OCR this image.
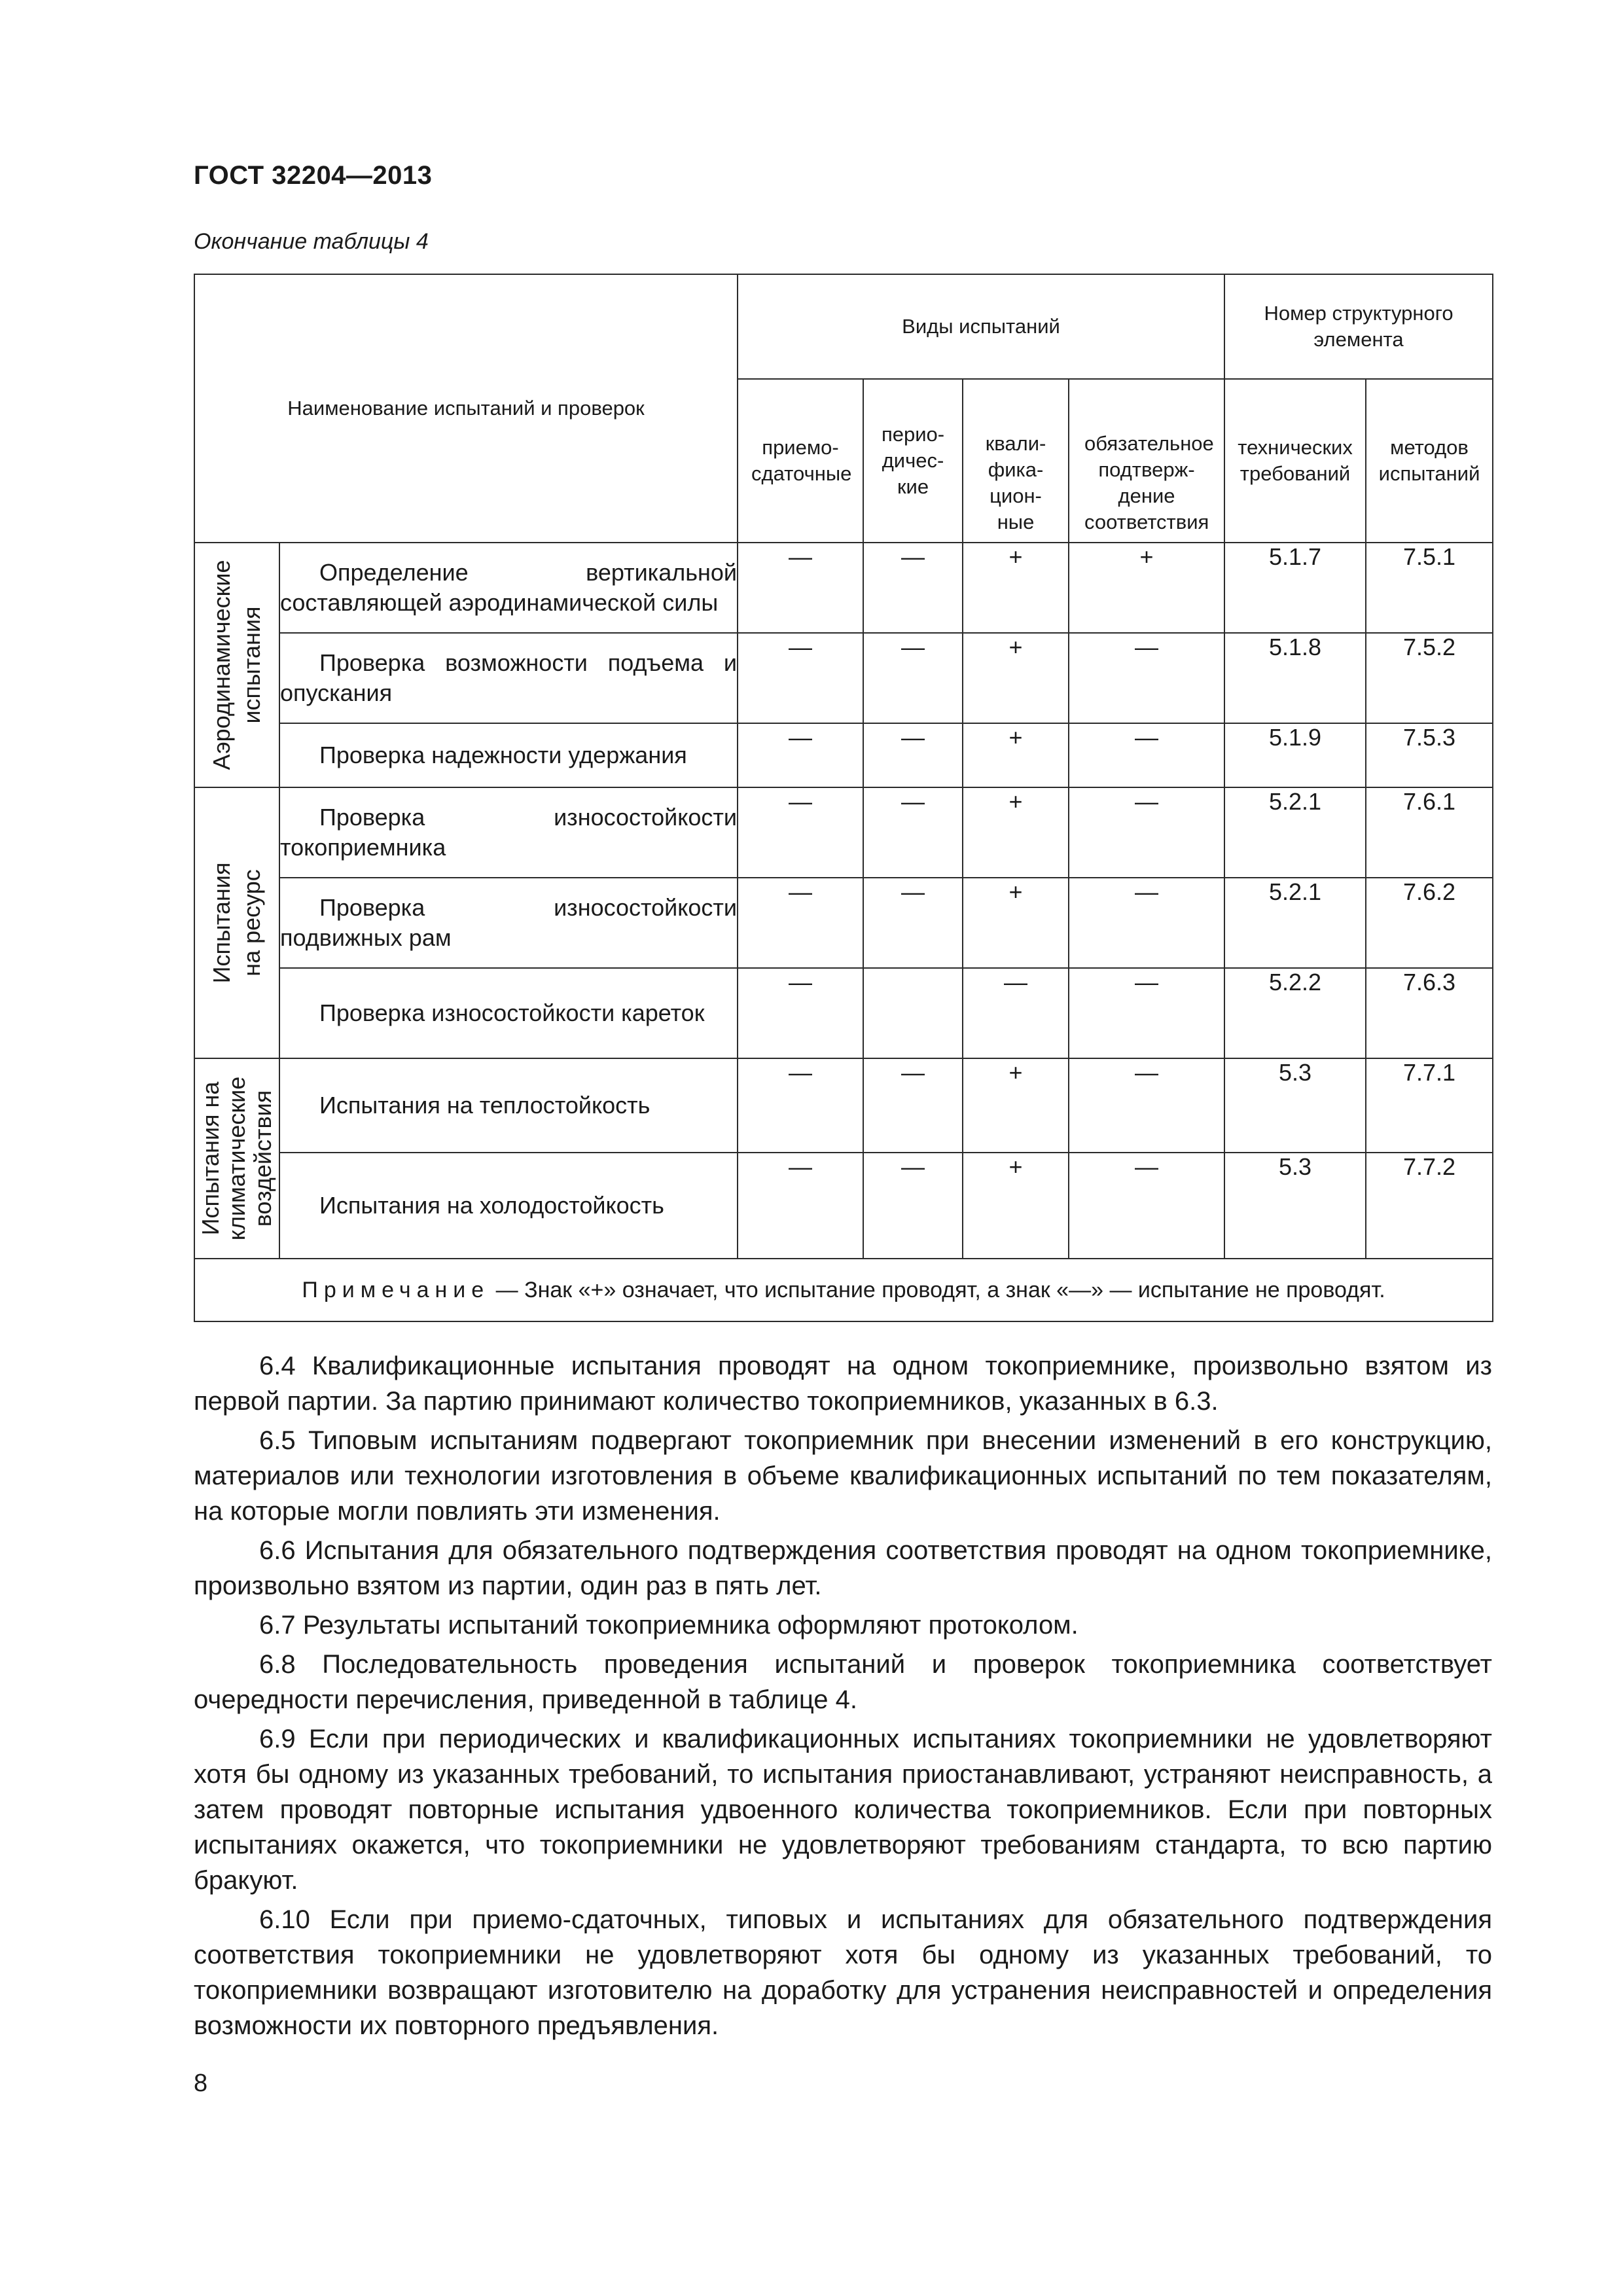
ГОСТ 32204—2013
Окончание таблицы 4
Наименование испытаний и проверок		Виды испытаний				Номер структурного элемента	
		приемо-сдаточные	перио-дичес-кие	квали-фика-цион-ные	обязательное подтверж-дение соответствия	технических требований	методов испытаний

Аэродинамические испытания	Определение вертикальной составляющей аэродинамической силы	—	—	+	+	5.1.7	7.5.1
	Проверка возможности подъема и опускания	—	—	+	—	5.1.8	7.5.2
	Проверка надежности удержания	—	—	+	—	5.1.9	7.5.3

Испытания на ресурс	Проверка износостойкости токоприемника	—	—	+	—	5.2.1	7.6.1
	Проверка износостойкости подвижных рам	—	—	+	—	5.2.1	7.6.2
	Проверка износостойкости кареток	—		—	—	5.2.2	7.6.3

Испытания на климатические воздействия	Испытания на теплостойкость	—	—	+	—	5.3	7.7.1
	Испытания на холодостойкость	—	—	+	—	5.3	7.7.2
Примечание — Знак «+» означает, что испытание проводят, а знак «—» — испытание не проводят.							

6.4 Квалификационные испытания проводят на одном токоприемнике, произвольно взятом из первой партии. За партию принимают количество токоприемников, указанных в 6.3.

6.5 Типовым испытаниям подвергают токоприемник при внесении изменений в его конструкцию, материалов или технологии изготовления в объеме квалификационных испытаний по тем показателям, на которые могли повлиять эти изменения.

6.6 Испытания для обязательного подтверждения соответствия проводят на одном токоприемнике, произвольно взятом из партии, один раз в пять лет.

6.7 Результаты испытаний токоприемника оформляют протоколом.

6.8 Последовательность проведения испытаний и проверок токоприемника соответствует очередности перечисления, приведенной в таблице 4.

6.9 Если при периодических и квалификационных испытаниях токоприемники не удовлетворяют хотя бы одному из указанных требований, то испытания приостанавливают, устраняют неисправность, а затем проводят повторные испытания удвоенного количества токоприемников. Если при повторных испытаниях окажется, что токоприемники не удовлетворяют требованиям стандарта, то всю партию бракуют.

6.10 Если при приемо-сдаточных, типовых и испытаниях для обязательного подтверждения соответствия токоприемники не удовлетворяют хотя бы одному из указанных требований, то токоприемники возвращают изготовителю на доработку для устранения неисправностей и определения возможности их повторного предъявления.

8
